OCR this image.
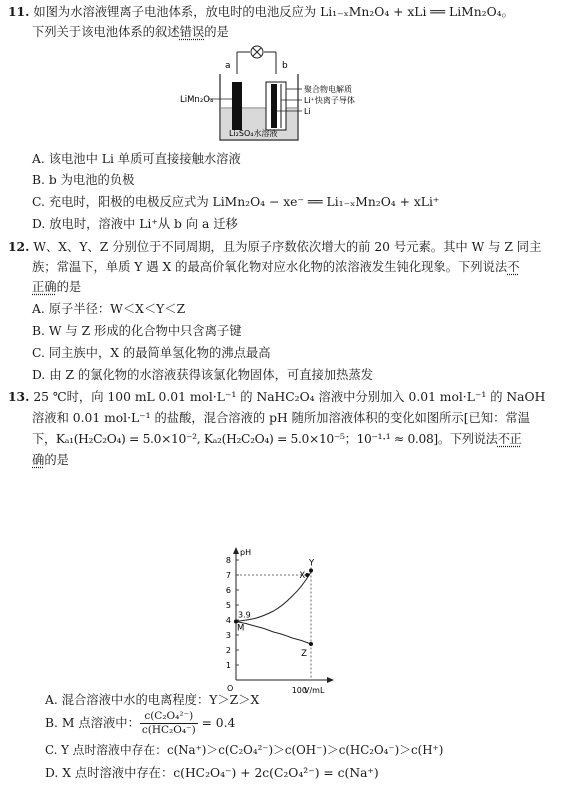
11. 如图为水溶液锂离子电池体系，放电时的电池反应为 Li₁₋ₓMn₂O₄ + xLi ══ LiMn₂O₄。
下列关于该电池体系的叙述错误的是
a	b
LiMn₂O₄
聚合物电解质
Li⁺快离子导体
Li
Li₂SO₄水溶液
A. 该电池中 Li 单质可直接接触水溶液
B. b 为电池的负极
C. 充电时，阳极的电极反应式为 LiMn₂O₄ − xe⁻ ══ Li₁₋ₓMn₂O₄ + xLi⁺
D. 放电时，溶液中 Li⁺从 b 向 a 迁移
12. W、X、Y、Z 分别位于不同周期，且为原子序数依次增大的前 20 号元素。其中 W 与 Z 同主
族；常温下，单质 Y 遇 X 的最高价氧化物对应水化物的浓溶液发生钝化现象。下列说法不
正确的是
A. 原子半径：W＜X＜Y＜Z
B. W 与 Z 形成的化合物中只含离子键
C. 同主族中，X 的最简单氢化物的沸点最高
D. 由 Z 的氯化物的水溶液获得该氯化物固体，可直接加热蒸发
13. 25 ℃时，向 100 mL 0.01 mol·L⁻¹ 的 NaHC₂O₄ 溶液中分别加入 0.01 mol·L⁻¹ 的 NaOH
溶液和 0.01 mol·L⁻¹ 的盐酸，混合溶液的 pH 随所加溶液体积的变化如图所示[已知：常温
下，Kₐ₁(H₂C₂O₄) = 5.0×10⁻², Kₐ₂(H₂C₂O₄) = 5.0×10⁻⁵；10⁻¹·¹ ≈ 0.08]。下列说法不正
确的是
pH
V/mL
O
1
2
3
4
5
6
7
8
100
3.9
M
X
Y
Z
A. 混合溶液中水的电离程度：Y＞Z＞X
B. M 点溶液中： $\frac{\text{c(C₂O₄²⁻)}}{\text{c(HC₂O₄⁻)}} = 0.4$
C. Y 点时溶液中存在：c(Na⁺)＞c(C₂O₄²⁻)＞c(OH⁻)＞c(HC₂O₄⁻)＞c(H⁺)
D. X 点时溶液中存在：c(HC₂O₄⁻) + 2c(C₂O₄²⁻) = c(Na⁺)
